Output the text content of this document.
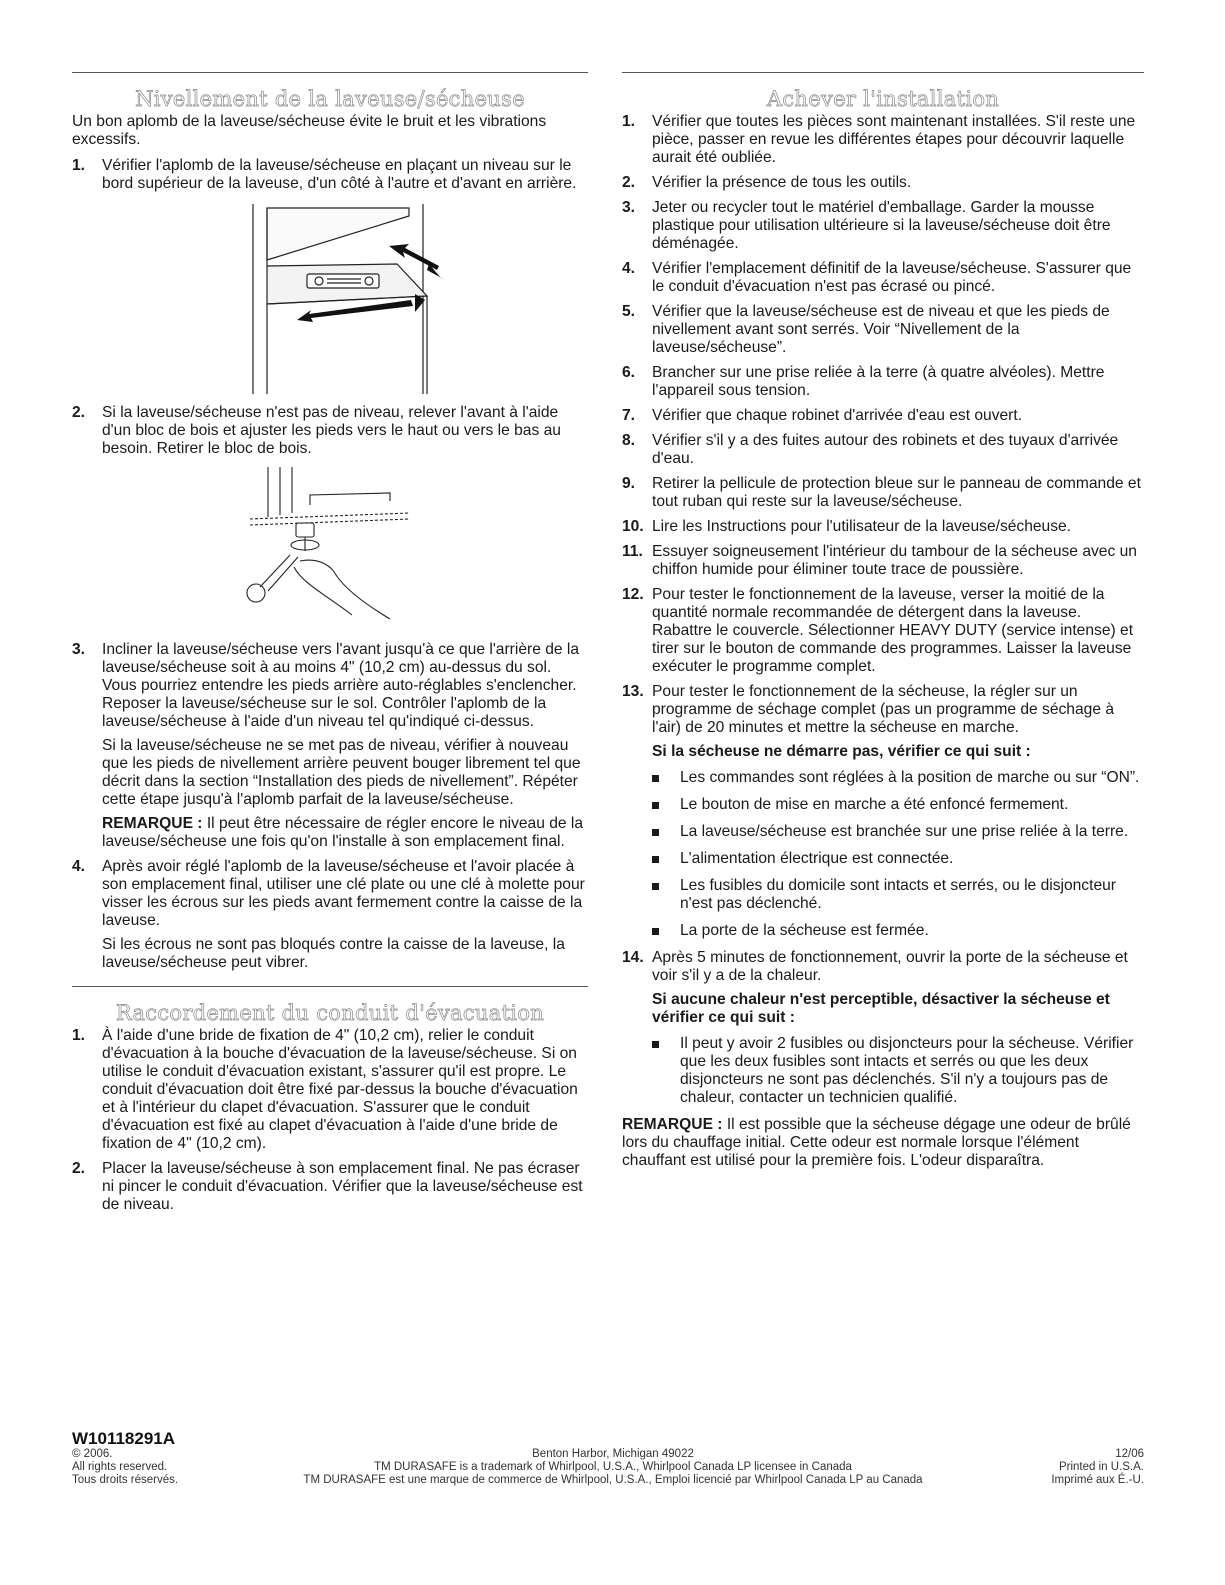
Nivellement de la laveuse/sécheuse

Un bon aplomb de la laveuse/sécheuse évite le bruit et les vibrations excessifs.

1. Vérifier l'aplomb de la laveuse/sécheuse en plaçant un niveau sur le bord supérieur de la laveuse, d'un côté à l'autre et d'avant en arrière.
2. Si la laveuse/sécheuse n'est pas de niveau, relever l'avant à l'aide d'un bloc de bois et ajuster les pieds vers le haut ou vers le bas au besoin. Retirer le bloc de bois.
3. Incliner la laveuse/sécheuse vers l'avant jusqu'à ce que l'arrière de la laveuse/sécheuse soit à au moins 4" (10,2 cm) au-dessus du sol. Vous pourriez entendre les pieds arrière auto-réglables s'enclencher. Reposer la laveuse/sécheuse sur le sol. Contrôler l'aplomb de la laveuse/sécheuse à l'aide d'un niveau tel qu'indiqué ci-dessus.
Si la laveuse/sécheuse ne se met pas de niveau, vérifier à nouveau que les pieds de nivellement arrière peuvent bouger librement tel que décrit dans la section “Installation des pieds de nivellement”. Répéter cette étape jusqu'à l'aplomb parfait de la laveuse/sécheuse.
REMARQUE : Il peut être nécessaire de régler encore le niveau de la laveuse/sécheuse une fois qu'on l'installe à son emplacement final.
4. Après avoir réglé l'aplomb de la laveuse/sécheuse et l'avoir placée à son emplacement final, utiliser une clé plate ou une clé à molette pour visser les écrous sur les pieds avant fermement contre la caisse de la laveuse.
Si les écrous ne sont pas bloqués contre la caisse de la laveuse, la laveuse/sécheuse peut vibrer.
Raccordement du conduit d'évacuation
1. À l'aide d'une bride de fixation de 4" (10,2 cm), relier le conduit d'évacuation à la bouche d'évacuation de la laveuse/sécheuse. Si on utilise le conduit d'évacuation existant, s'assurer qu'il est propre. Le conduit d'évacuation doit être fixé par-dessus la bouche d'évacuation et à l'intérieur du clapet d'évacuation. S'assurer que le conduit d'évacuation est fixé au clapet d'évacuation à l'aide d'une bride de fixation de 4" (10,2 cm).
2. Placer la laveuse/sécheuse à son emplacement final. Ne pas écraser ni pincer le conduit d'évacuation. Vérifier que la laveuse/sécheuse est de niveau.
Achever l'installation
1. Vérifier que toutes les pièces sont maintenant installées. S'il reste une pièce, passer en revue les différentes étapes pour découvrir laquelle aurait été oubliée.
2. Vérifier la présence de tous les outils.
3. Jeter ou recycler tout le matériel d'emballage. Garder la mousse plastique pour utilisation ultérieure si la laveuse/sécheuse doit être déménagée.
4. Vérifier l'emplacement définitif de la laveuse/sécheuse. S'assurer que le conduit d'évacuation n'est pas écrasé ou pincé.
5. Vérifier que la laveuse/sécheuse est de niveau et que les pieds de nivellement avant sont serrés. Voir “Nivellement de la laveuse/sécheuse”.
6. Brancher sur une prise reliée à la terre (à quatre alvéoles). Mettre l'appareil sous tension.
7. Vérifier que chaque robinet d'arrivée d'eau est ouvert.
8. Vérifier s'il y a des fuites autour des robinets et des tuyaux d'arrivée d'eau.
9. Retirer la pellicule de protection bleue sur le panneau de commande et tout ruban qui reste sur la laveuse/sécheuse.
10. Lire les Instructions pour l'utilisateur de la laveuse/sécheuse.
11. Essuyer soigneusement l'intérieur du tambour de la sécheuse avec un chiffon humide pour éliminer toute trace de poussière.
12. Pour tester le fonctionnement de la laveuse, verser la moitié de la quantité normale recommandée de détergent dans la laveuse. Rabattre le couvercle. Sélectionner HEAVY DUTY (service intense) et tirer sur le bouton de commande des programmes. Laisser la laveuse exécuter le programme complet.
13. Pour tester le fonctionnement de la sécheuse, la régler sur un programme de séchage complet (pas un programme de séchage à l'air) de 20 minutes et mettre la sécheuse en marche.
Si la sécheuse ne démarre pas, vérifier ce qui suit :
Les commandes sont réglées à la position de marche ou sur “ON”.
Le bouton de mise en marche a été enfoncé fermement.
La laveuse/sécheuse est branchée sur une prise reliée à la terre.
L'alimentation électrique est connectée.
Les fusibles du domicile sont intacts et serrés, ou le disjoncteur n'est pas déclenché.
La porte de la sécheuse est fermée.
14. Après 5 minutes de fonctionnement, ouvrir la porte de la sécheuse et voir s'il y a de la chaleur.
Si aucune chaleur n'est perceptible, désactiver la sécheuse et vérifier ce qui suit :
Il peut y avoir 2 fusibles ou disjoncteurs pour la sécheuse. Vérifier que les deux fusibles sont intacts et serrés ou que les deux disjoncteurs ne sont pas déclenchés. S'il n'y a toujours pas de chaleur, contacter un technicien qualifié.

REMARQUE : Il est possible que la sécheuse dégage une odeur de brûlé lors du chauffage initial. Cette odeur est normale lorsque l'élément chauffant est utilisé pour la première fois. L'odeur disparaîtra.

W10118291A
© 2006.
All rights reserved.
Tous droits réservés.
Benton Harbor, Michigan 49022
TM DURASAFE is a trademark of Whirlpool, U.S.A., Whirlpool Canada LP licensee in Canada
TM DURASAFE est une marque de commerce de Whirlpool, U.S.A., Emploi licencié par Whirlpool Canada LP au Canada
12/06
Printed in U.S.A.
Imprimé aux É.-U.
